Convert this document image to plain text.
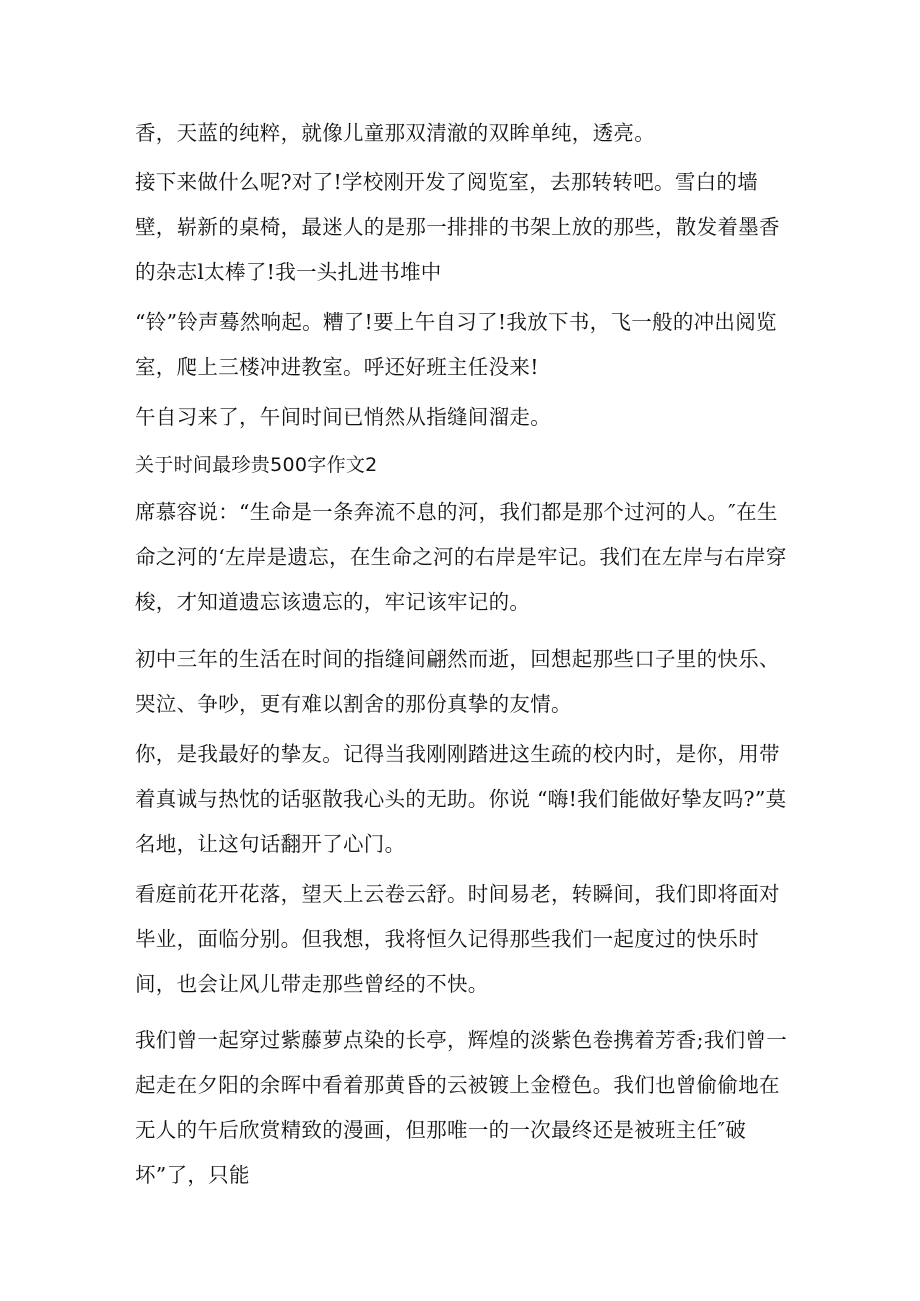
香，天蓝的纯粹，就像儿童那双清澈的双眸单纯，透亮。

接下来做什么呢?对了!学校刚开发了阅览室，去那转转吧。雪白的墙壁，崭新的桌椅，最迷人的是那一排排的书架上放的那些，散发着墨香的杂志l太棒了!我一头扎进书堆中

“铃”铃声蓦然响起。糟了!要上午自习了!我放下书，飞一般的冲出阅览室，爬上三楼冲进教室。呼还好班主任没来!

午自习来了，午间时间已悄然从指缝间溜走。

关于时间最珍贵500字作文2

席慕容说：“生命是一条奔流不息的河，我们都是那个过河的人。″在生命之河的‘左岸是遗忘，在生命之河的右岸是牢记。我们在左岸与右岸穿梭，才知道遗忘该遗忘的，牢记该牢记的。

初中三年的生活在时间的指缝间翩然而逝，回想起那些口子里的快乐、哭泣、争吵，更有难以割舍的那份真挚的友情。

你，是我最好的挚友。记得当我刚刚踏进这生疏的校内时，是你，用带着真诚与热忱的话驱散我心头的无助。你说 “嗨!我们能做好挚友吗?”莫名地，让这句话翻开了心门。

看庭前花开花落，望天上云卷云舒。时间易老，转瞬间，我们即将面对毕业，面临分别。但我想，我将恒久记得那些我们一起度过的快乐时间，也会让风儿带走那些曾经的不快。

我们曾一起穿过紫藤萝点染的长亭，辉煌的淡紫色卷携着芳香;我们曾一起走在夕阳的余晖中看着那黄昏的云被镀上金橙色。我们也曾偷偷地在无人的午后欣赏精致的漫画，但那唯一的一次最终还是被班主任″破坏”了，只能
